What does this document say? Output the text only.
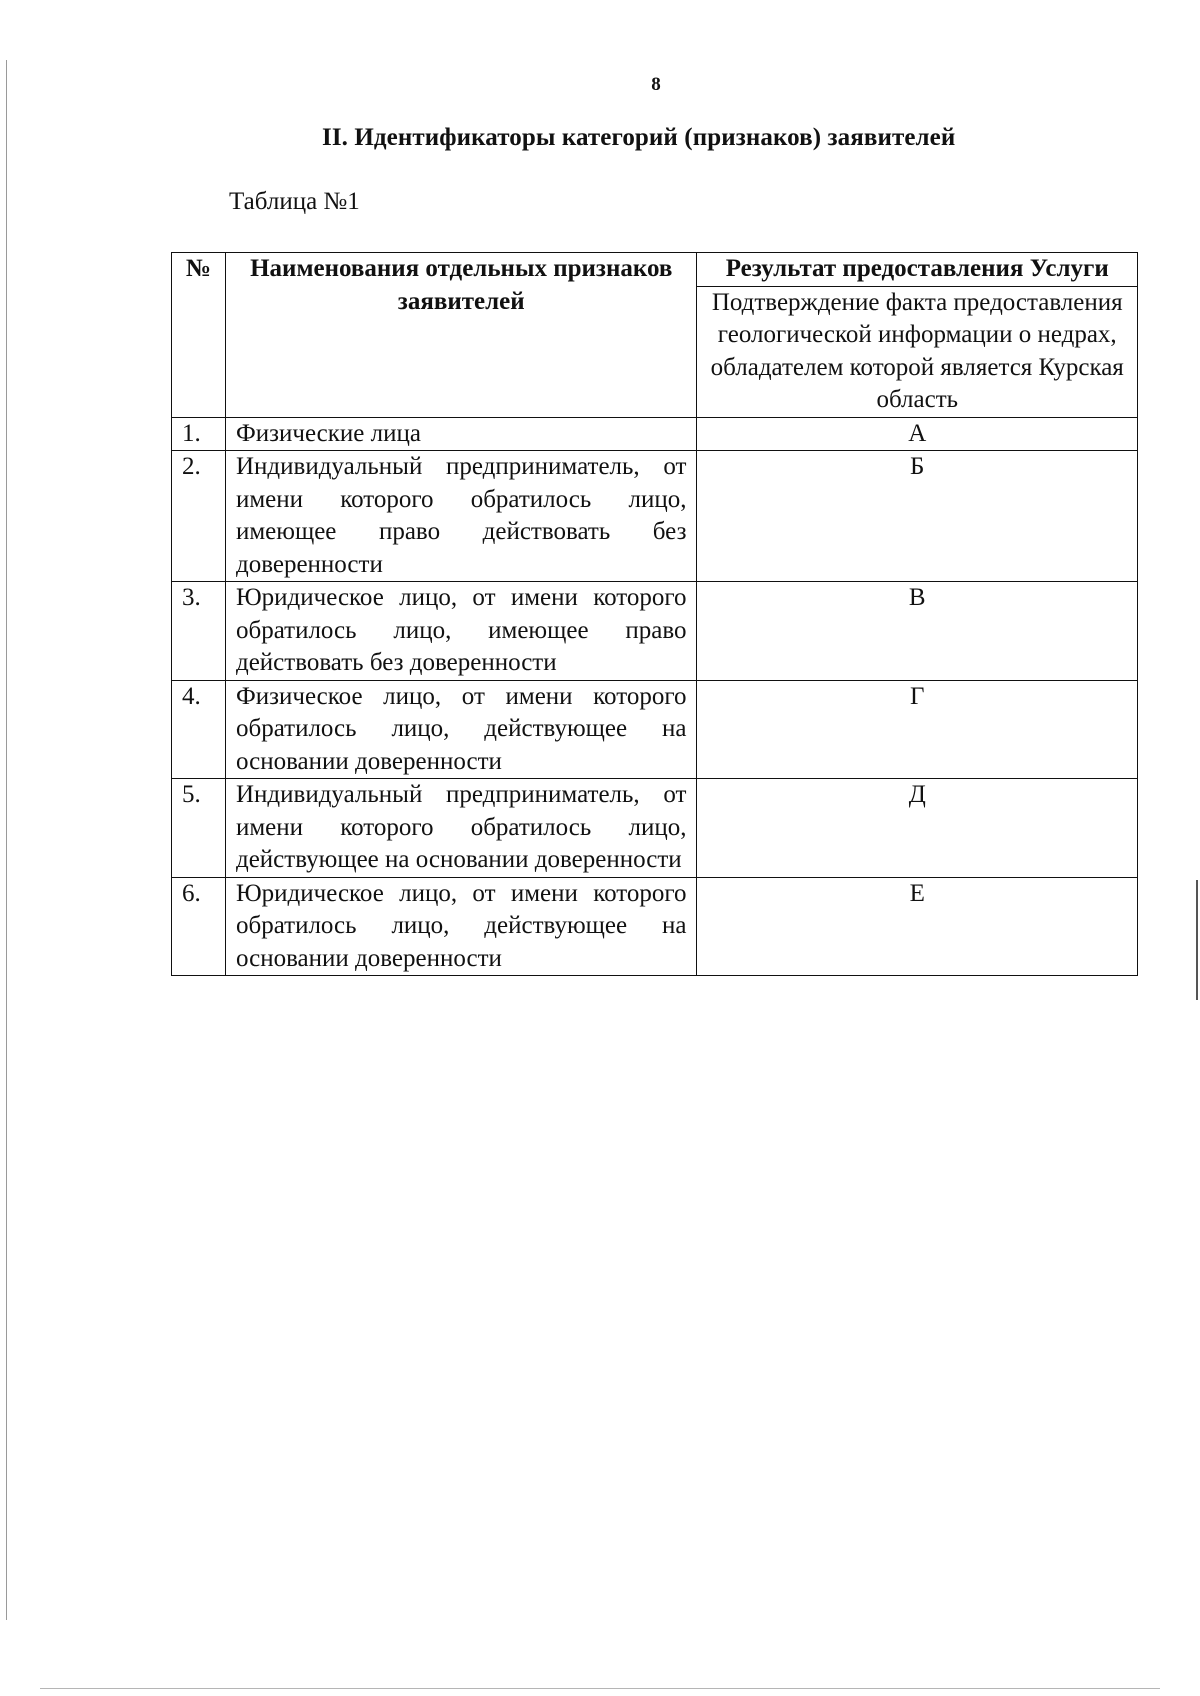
8
II. Идентификаторы категорий (признаков) заявителей
Таблица №1
№	Наименования отдельных признаков заявителей	Результат предоставления Услуги
		Подтверждение факта предоставления геологической информации о недрах, обладателем которой является Курская область
1.	Физические лица	А
2.	Индивидуальный предприниматель, от имени которого обратилось лицо, имеющее право действовать без доверенности	Б
3.	Юридическое лицо, от имени которого обратилось лицо, имеющее право действовать без доверенности	В
4.	Физическое лицо, от имени которого обратилось лицо, действующее на основании доверенности	Г
5.	Индивидуальный предприниматель, от имени которого обратилось лицо, действующее на основании доверенности	Д
6.	Юридическое лицо, от имени которого обратилось лицо, действующее на основании доверенности	Е
